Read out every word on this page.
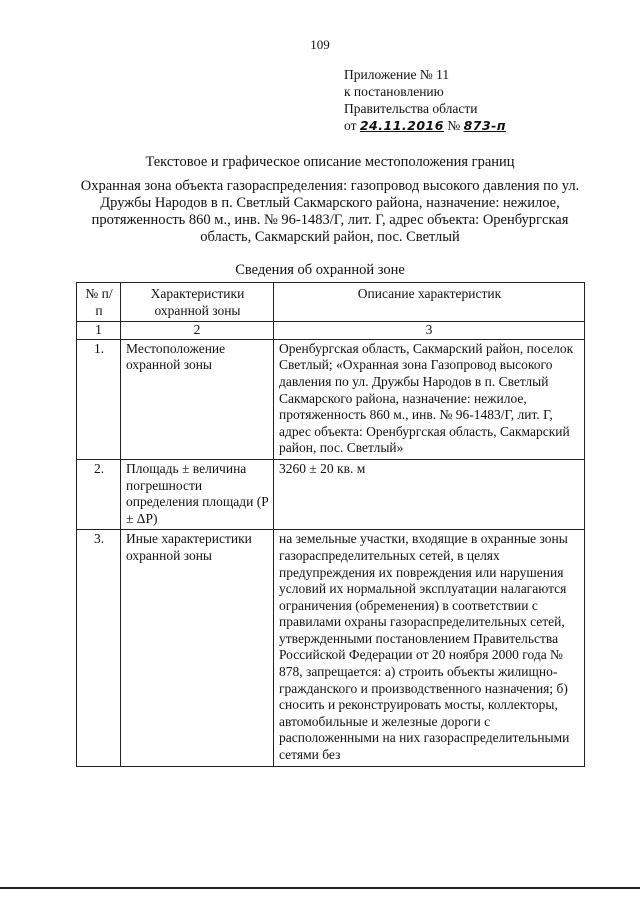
109
Приложение № 11
к постановлению
Правительства области
от 24.11.2016 № 873-п
Текстовое и графическое описание местоположения границ
Охранная зона объекта газораспределения: газопровод высокого давления по ул. Дружбы Народов в п. Светлый Сакмарского района, назначение: нежилое, протяженность 860 м., инв. № 96-1483/Г, лит. Г, адрес объекта: Оренбургская область, Сакмарский район, пос. Светлый
Сведения об охранной зоне
№ п/п	Характеристики охранной зоны	Описание характеристик
1	2	3
1.	Местоположение охранной зоны	Оренбургская область, Сакмарский район, поселок Светлый; «Охранная зона Газопровод высокого давления по ул. Дружбы Народов в п. Светлый Сакмарского района, назначение: нежилое, протяженность 860 м., инв. № 96-1483/Г, лит. Г, адрес объекта: Оренбургская область, Сакмарский район, пос. Светлый»
2.	Площадь ± величина погрешности определения площади (P ± ΔP)	3260 ± 20 кв. м
3.	Иные характеристики охранной зоны	на земельные участки, входящие в охранные зоны газораспределительных сетей, в целях предупреждения их повреждения или нарушения условий их нормальной эксплуатации налагаются ограничения (обременения) в соответствии с правилами охраны газораспределительных сетей, утвержденными постановлением Правительства Российской Федерации от 20 ноября 2000 года № 878, запрещается: а) строить объекты жилищно-гражданского и производственного назначения; б) сносить и реконструировать мосты, коллекторы, автомобильные и железные дороги с расположенными на них газораспределительными сетями без
